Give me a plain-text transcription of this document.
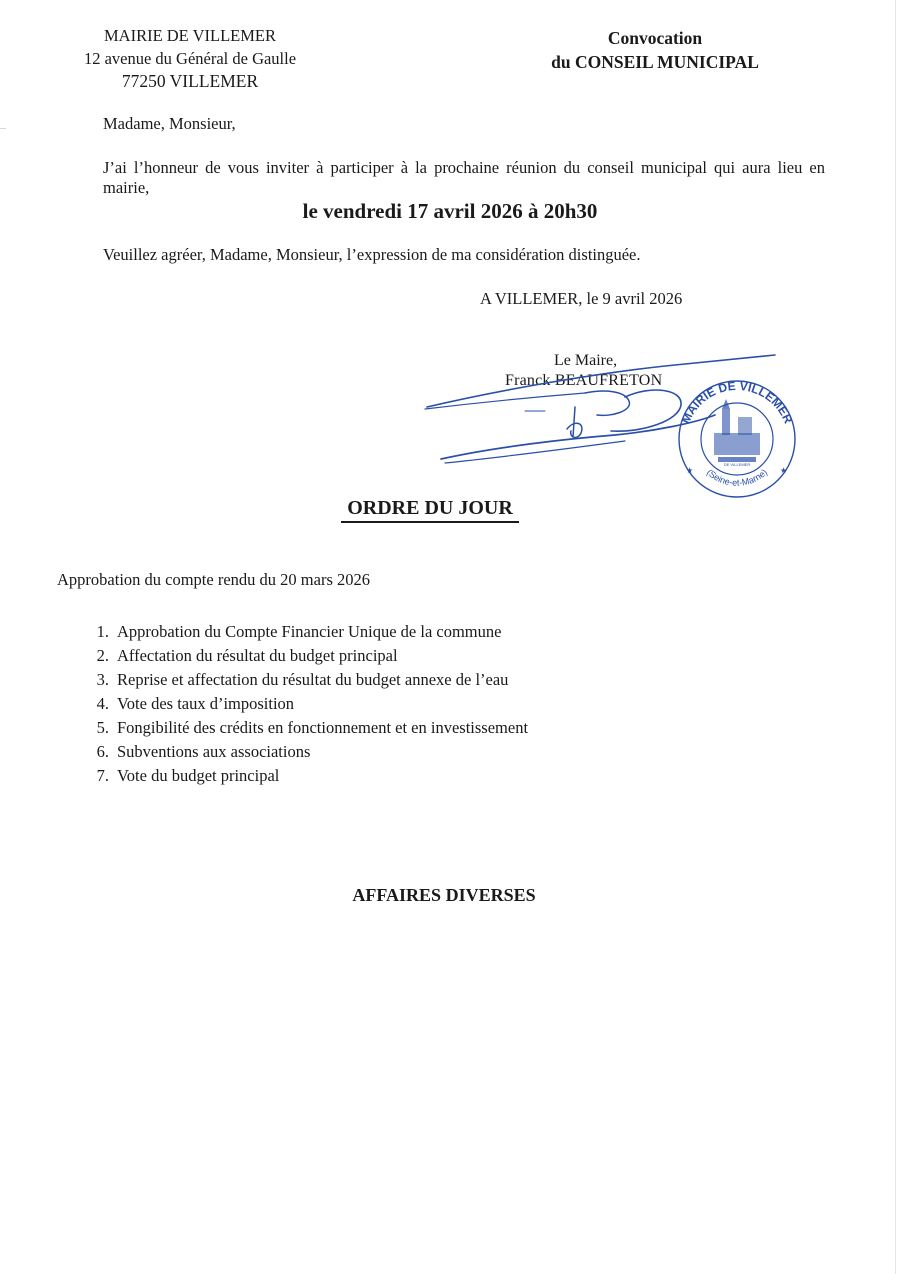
MAIRIE DE VILLEMER
12 avenue du Général de Gaulle
77250 VILLEMER
Convocation
du CONSEIL MUNICIPAL
Madame, Monsieur,
J’ai l’honneur de vous inviter à participer à la prochaine réunion du conseil municipal qui aura lieu en mairie,
le vendredi 17 avril 2026 à 20h30
Veuillez agréer, Madame, Monsieur, l’expression de ma considération distinguée.
A VILLEMER, le 9 avril 2026
Le Maire,
Franck BEAUFRETON
MAIRIE DE VILLEMER
(Seine-et-Marne)
DE VILLEMER
★	★
ORDRE DU JOUR
Approbation du compte rendu du 20 mars 2026
1. Approbation du Compte Financier Unique de la commune
2. Affectation du résultat du budget principal
3. Reprise et affectation du résultat du budget annexe de l’eau
4. Vote des taux d’imposition
5. Fongibilité des crédits en fonctionnement et en investissement
6. Subventions aux associations
7. Vote du budget principal
AFFAIRES DIVERSES
